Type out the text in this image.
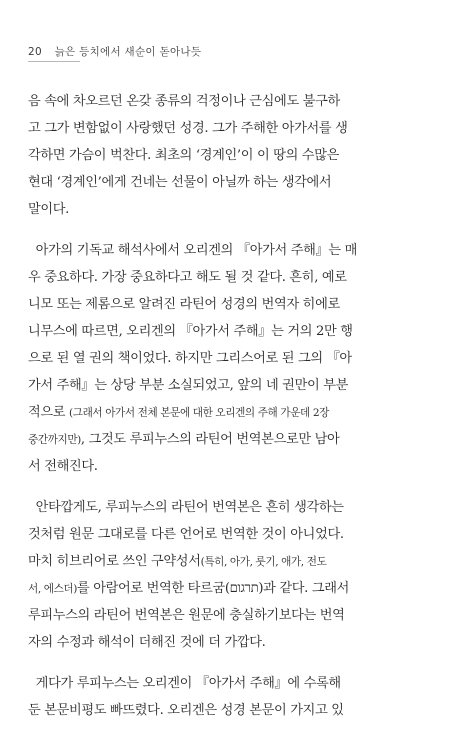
20 늙은 등치에서 새순이 돋아나듯

음 속에 차오르던 온갖 종류의 걱정이나 근심에도 불구하
고 그가 변함없이 사랑했던 성경. 그가 주해한 아가서를 생
각하면 가슴이 벅찬다. 최초의 ‘경계인’이 이 땅의 수많은
현대 ‘경계인’에게 건네는 선물이 아닐까 하는 생각에서
말이다.

아가의 기독교 해석사에서 오리겐의 『아가서 주해』는 매
우 중요하다. 가장 중요하다고 해도 될 것 같다. 흔히, 예로
니모 또는 제롬으로 알려진 라틴어 성경의 번역자 히에로
니무스에 따르면, 오리겐의 『아가서 주해』는 거의 2만 행
으로 된 열 권의 책이었다. 하지만 그리스어로 된 그의 『아
가서 주해』는 상당 부분 소실되었고, 앞의 네 권만이 부분
적으로 (그래서 아가서 전체 본문에 대한 오리겐의 주해 가운데 2장
중간까지만), 그것도 루피누스의 라틴어 번역본으로만 남아
서 전해진다.

안타깝게도, 루피누스의 라틴어 번역본은 흔히 생각하는
것처럼 원문 그대로를 다른 언어로 번역한 것이 아니었다.
마치 히브리어로 쓰인 구약성서(특히, 아가, 룻기, 애가, 전도
서, 에스더)를 아람어로 번역한 타르굼(תרגום)과 같다. 그래서
루피누스의 라틴어 번역본은 원문에 충실하기보다는 번역
자의 수정과 해석이 더해진 것에 더 가깝다.

게다가 루피누스는 오리겐이 『아가서 주해』에 수록해
둔 본문비평도 빠뜨렸다. 오리겐은 성경 본문이 가지고 있
